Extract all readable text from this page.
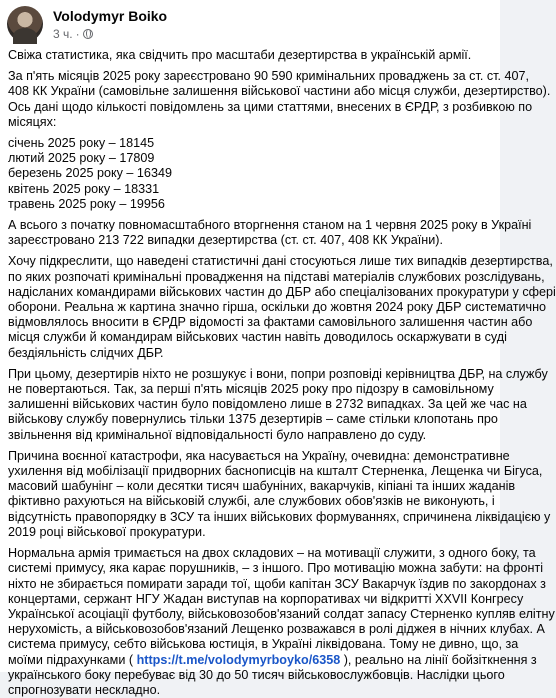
Volodymyr Boiko
3 ч. ·

Свіжа статистика, яка свідчить про масштаби дезертирства в українській армії.

За п'ять місяців 2025 року зареєстровано 90 590 кримінальних проваджень за ст. ст. 407,
408 КК України (самовільне залишення військової частини або місця служби, дезертирство).
Ось дані щодо кількості повідомлень за цими статтями, внесених в ЄРДР, з розбивкою по
місяцях:
січень 2025 року – 18145
лютий 2025 року – 17809
березень 2025 року – 16349
квітень 2025 року – 18331
травень 2025 року – 19956
А всього з початку повномасштабного вторгнення станом на 1 червня 2025 року в Україні
зареєстровано 213 722 випадки дезертирства (ст. ст. 407, 408 КК України).
Хочу підкреслити, що наведені статистичні дані стосуються лише тих випадків дезертирства,
по яких розпочаті кримінальні провадження на підставі матеріалів службових розслідувань,
надісланих командирами військових частин до ДБР або спеціалізованих прокуратури у сфері
оборони. Реальна ж картина значно гірша, оскільки до жовтня 2024 року ДБР систематично
відмовлялось вносити в ЄРДР відомості за фактами самовільного залишення частин або
місця служби й командирам військових частин навіть доводилось оскаржувати в суді
бездіяльність слідчих ДБР.
При цьому, дезертирів ніхто не розшукує і вони, попри розповіді керівництва ДБР, на службу
не повертаються. Так, за перші п'ять місяців 2025 року про підозру в самовільному
залишенні військових частин було повідомлено лише в 2732 випадках. За цей же час на
військову службу повернулись тільки 1375 дезертирів – саме стільки клопотань про
звільнення від кримінальної відповідальності було направлено до суду.
Причина воєнної катастрофи, яка насувається на Україну, очевидна: демонстративне
ухилення від мобілізації придворних баснописців на кшталт Стерненка, Лещенка чи Бігуса,
масовий шабунінг – коли десятки тисяч шабуніних, вакарчуків, кіпіані та інших жаданів
фіктивно рахуються на військовій службі, але службових обов'язків не виконують, і
відсутність правопорядку в ЗСУ та інших військових формуваннях, спричинена ліквідацією у
2019 році військової прокуратури.
Нормальна армія тримається на двох складових – на мотивації служити, з одного боку, та
системі примусу, яка карає порушників, – з іншого. Про мотивацію можна забути: на фронті
ніхто не збирається помирати заради тої, щоби капітан ЗСУ Вакарчук їздив по закордонах з
концертами, сержант НГУ Жадан виступав на корпоративах чи відкритті XXVII Конгресу
Української асоціації футболу, військовозобов'язаний солдат запасу Стерненко купляв елітну
нерухомість, а військовозобов'язаний Лещенко розважався в ролі діджея в нічних клубах. А
система примусу, себто військова юстиція, в Україні ліквідована. Тому не дивно, що, за
моїми підрахунками ( https://t.me/volodymyrboyko/6358 ), реально на лінії бойзіткнення з
українського боку перебуває від 30 до 50 тисяч військовослужбовців. Наслідки цього
спрогнозувати нескладно.
